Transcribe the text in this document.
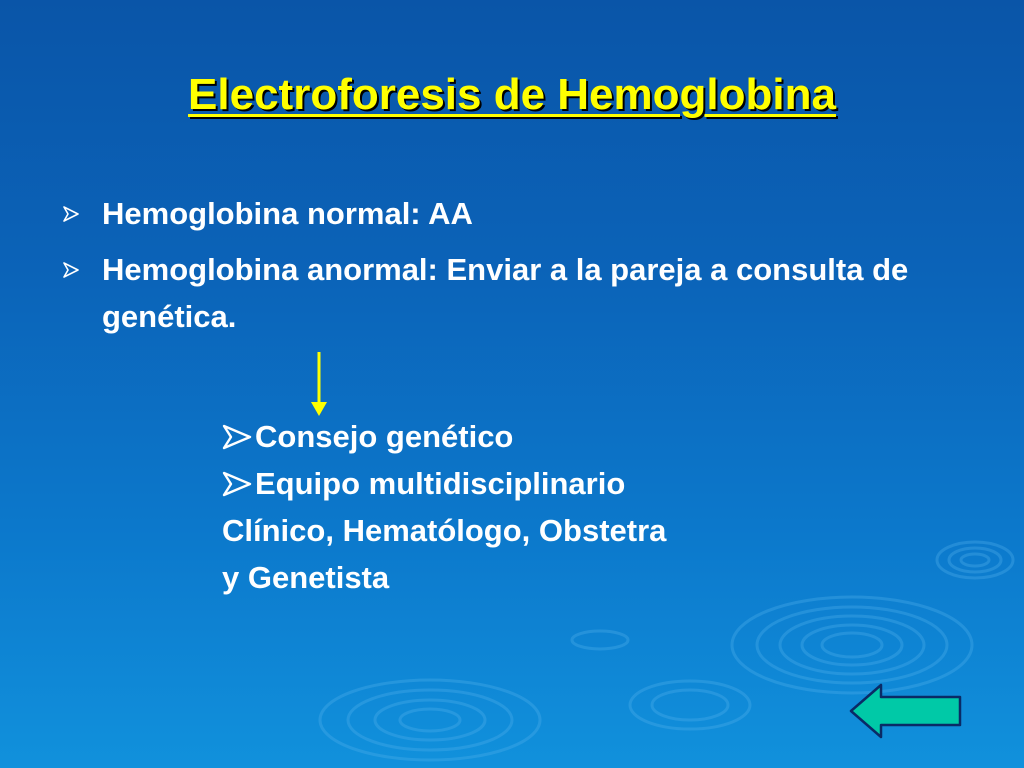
Electroforesis de Hemoglobina
Hemoglobina normal: AA
Hemoglobina anormal: Enviar a la pareja a consulta de genética.
Consejo genético
Equipo multidisciplinario
Clínico, Hematólogo, Obstetra
y Genetista
